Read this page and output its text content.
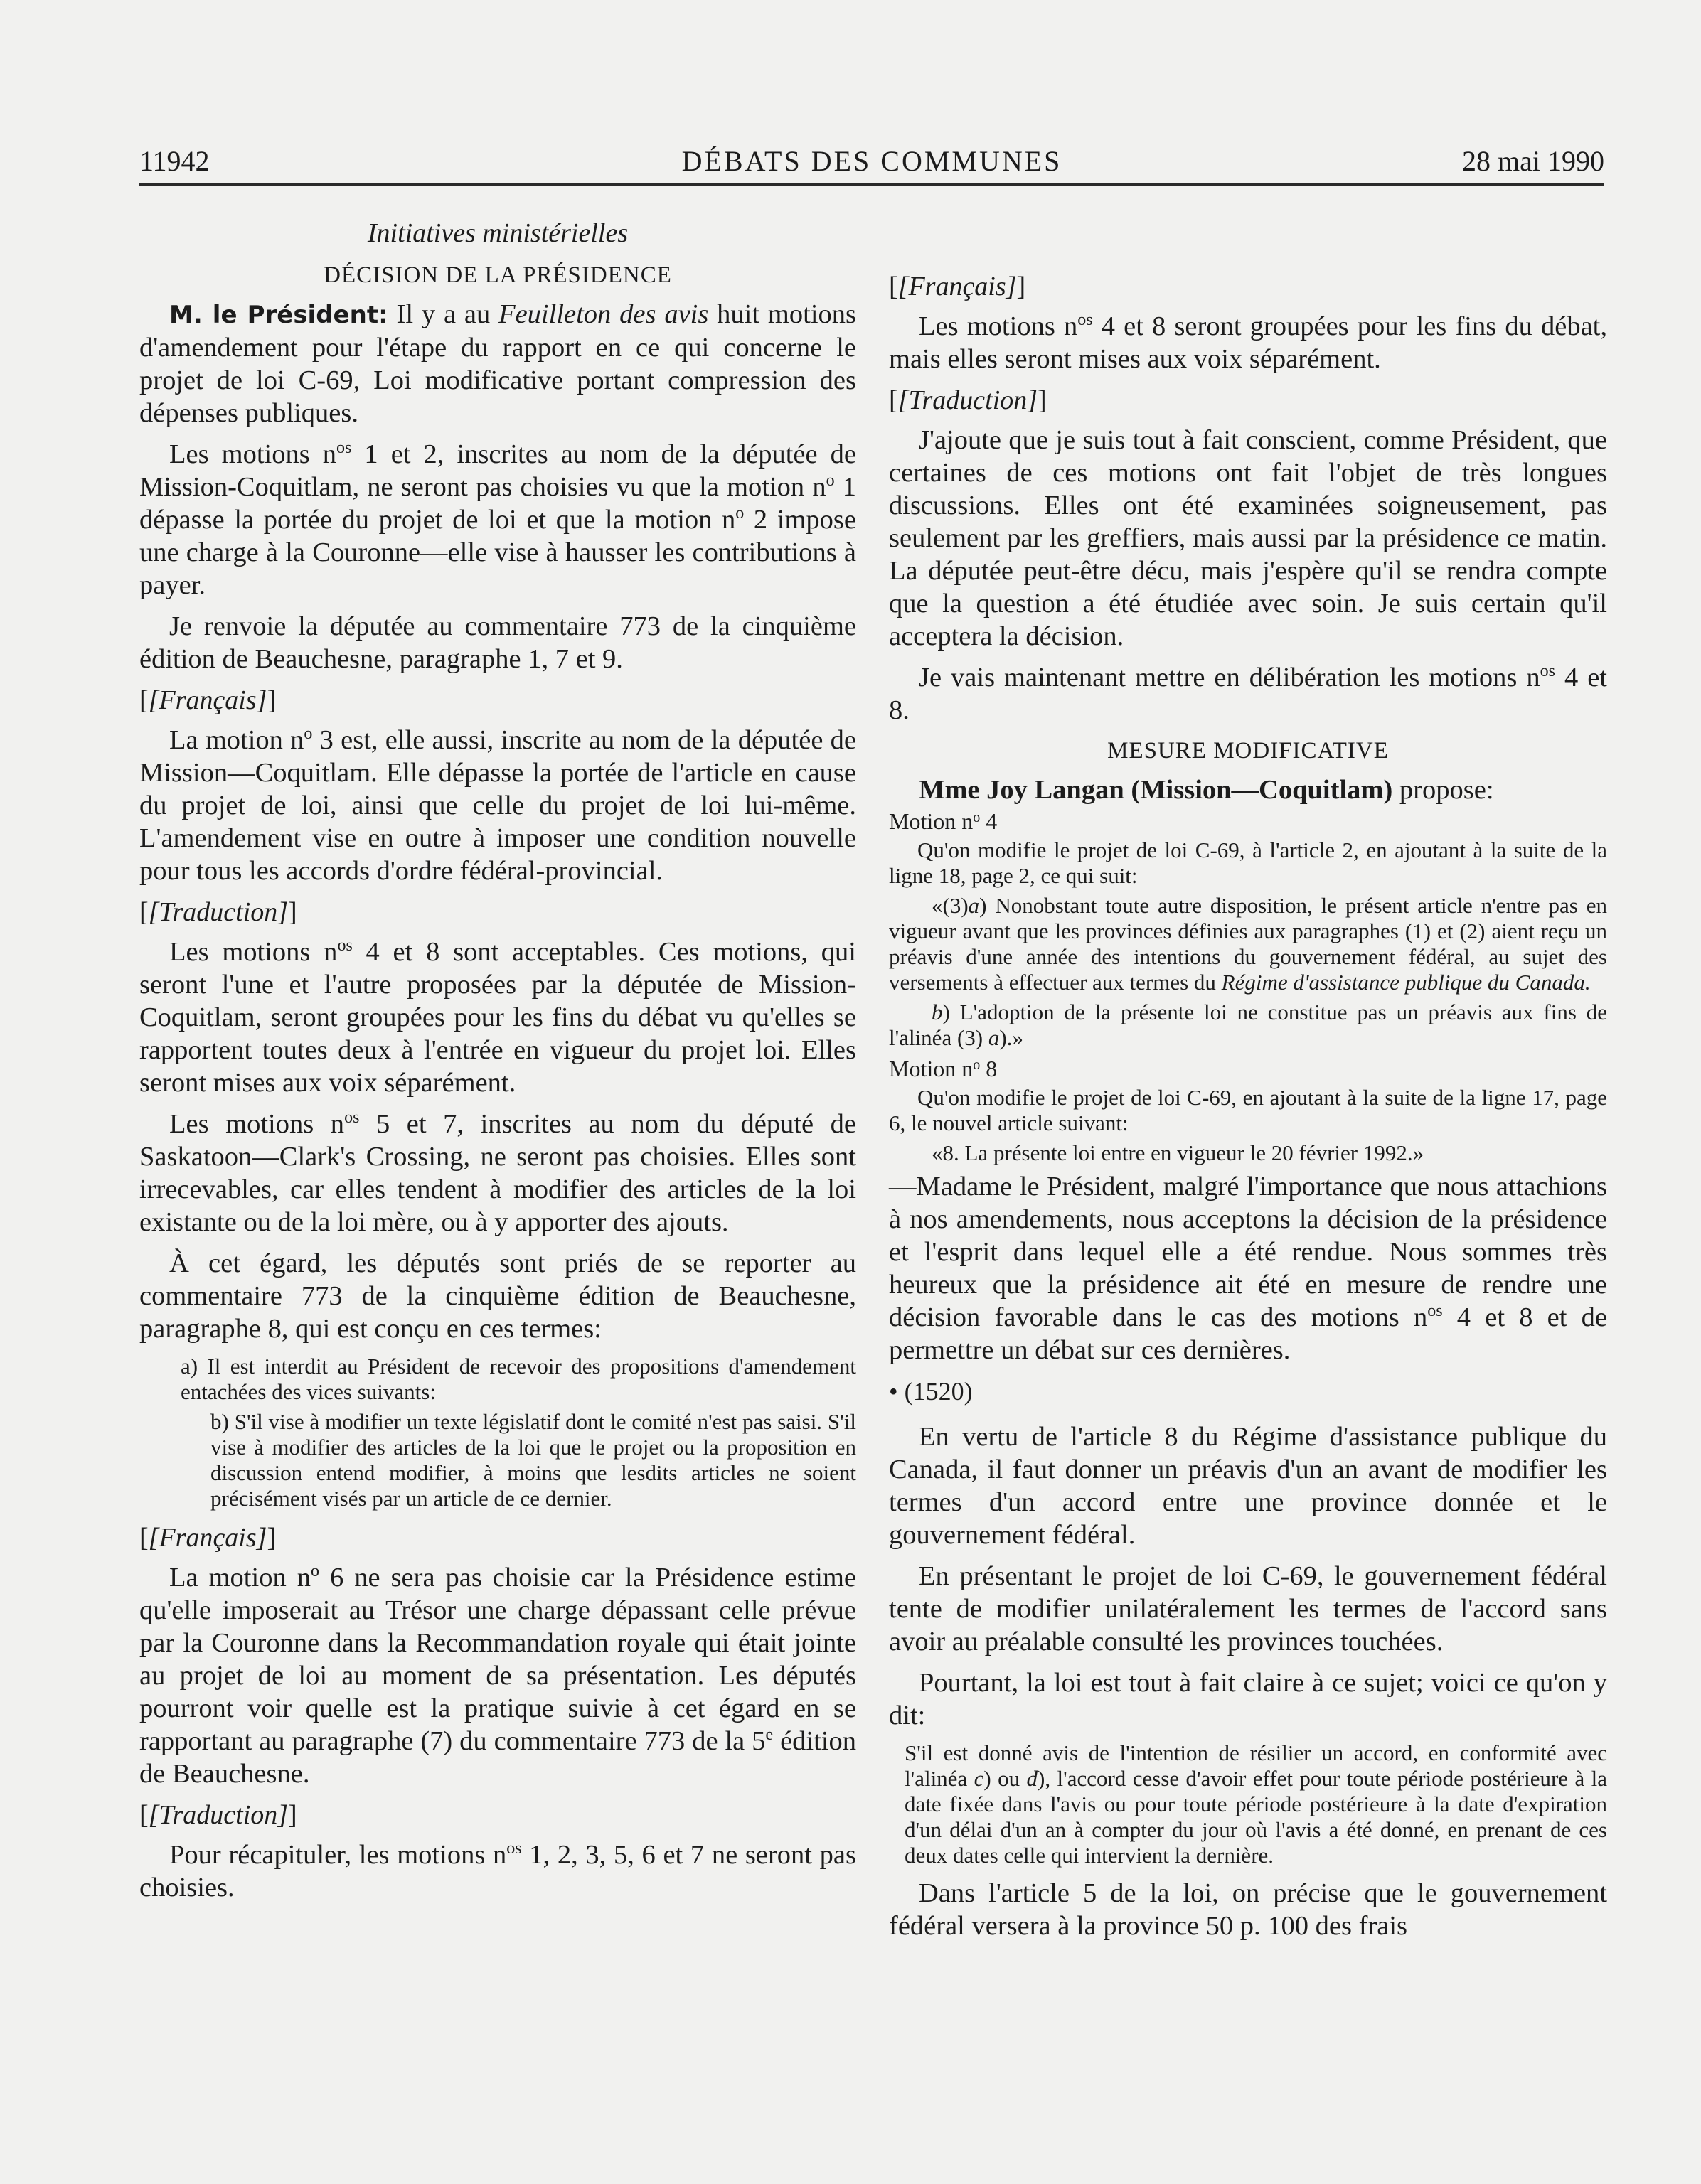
11942	DÉBATS DES COMMUNES	28 mai 1990
Initiatives ministérielles
DÉCISION DE LA PRÉSIDENCE

M. le Président: Il y a au Feuilleton des avis huit motions d'amendement pour l'étape du rapport en ce qui concerne le projet de loi C-69, Loi modificative portant compression des dépenses publiques.

Les motions $n^{os}$ 1 et 2, inscrites au nom de la députée de Mission-Coquitlam, ne seront pas choisies vu que la motion $n^o$ 1 dépasse la portée du projet de loi et que la motion $n^o$ 2 impose une charge à la Couronne—elle vise à hausser les contributions à payer.

Je renvoie la députée au commentaire 773 de la cinquième édition de Beauchesne, paragraphe 1, 7 et 9.

[[Français]]

La motion $n^o$ 3 est, elle aussi, inscrite au nom de la députée de Mission—Coquitlam. Elle dépasse la portée de l'article en cause du projet de loi, ainsi que celle du projet de loi lui-même. L'amendement vise en outre à imposer une condition nouvelle pour tous les accords d'ordre fédéral-provincial.

[[Traduction]]

Les motions $n^{os}$ 4 et 8 sont acceptables. Ces motions, qui seront l'une et l'autre proposées par la députée de Mission-Coquitlam, seront groupées pour les fins du débat vu qu'elles se rapportent toutes deux à l'entrée en vigueur du projet loi. Elles seront mises aux voix séparément.

Les motions $n^{os}$ 5 et 7, inscrites au nom du député de Saskatoon—Clark's Crossing, ne seront pas choisies. Elles sont irrecevables, car elles tendent à modifier des articles de la loi existante ou de la loi mère, ou à y apporter des ajouts.

À cet égard, les députés sont priés de se reporter au commentaire 773 de la cinquième édition de Beauchesne, paragraphe 8, qui est conçu en ces termes:

a) Il est interdit au Président de recevoir des propositions d'amendement entachées des vices suivants:

b) S'il vise à modifier un texte législatif dont le comité n'est pas saisi. S'il vise à modifier des articles de la loi que le projet ou la proposition en discussion entend modifier, à moins que lesdits articles ne soient précisément visés par un article de ce dernier.

[[Français]]

La motion $n^o$ 6 ne sera pas choisie car la Présidence estime qu'elle imposerait au Trésor une charge dépassant celle prévue par la Couronne dans la Recommandation royale qui était jointe au projet de loi au moment de sa présentation. Les députés pourront voir quelle est la pratique suivie à cet égard en se rapportant au paragraphe (7) du commentaire 773 de la 5e édition de Beauchesne.

[[Traduction]]

Pour récapituler, les motions $n^{os}$ 1, 2, 3, 5, 6 et 7 ne seront pas choisies.

[[Français]]

Les motions $n^{os}$ 4 et 8 seront groupées pour les fins du débat, mais elles seront mises aux voix séparément.

[[Traduction]]

J'ajoute que je suis tout à fait conscient, comme Président, que certaines de ces motions ont fait l'objet de très longues discussions. Elles ont été examinées soigneusement, pas seulement par les greffiers, mais aussi par la présidence ce matin. La députée peut-être décu, mais j'espère qu'il se rendra compte que la question a été étudiée avec soin. Je suis certain qu'il acceptera la décision.

Je vais maintenant mettre en délibération les motions $n^{os}$ 4 et 8.

MESURE MODIFICATIVE

Mme Joy Langan (Mission—Coquitlam) propose:

Motion $n^o$ 4

Qu'on modifie le projet de loi C-69, à l'article 2, en ajoutant à la suite de la ligne 18, page 2, ce qui suit:

«(3)a) Nonobstant toute autre disposition, le présent article n'entre pas en vigueur avant que les provinces définies aux paragraphes (1) et (2) aient reçu un préavis d'une année des intentions du gouvernement fédéral, au sujet des versements à effectuer aux termes du Régime d'assistance publique du Canada.

b) L'adoption de la présente loi ne constitue pas un préavis aux fins de l'alinéa (3) a).»

Motion $n^o$ 8

Qu'on modifie le projet de loi C-69, en ajoutant à la suite de la ligne 17, page 6, le nouvel article suivant:

«8. La présente loi entre en vigueur le 20 février 1992.»

—Madame le Président, malgré l'importance que nous attachions à nos amendements, nous acceptons la décision de la présidence et l'esprit dans lequel elle a été rendue. Nous sommes très heureux que la présidence ait été en mesure de rendre une décision favorable dans le cas des motions $n^{os}$ 4 et 8 et de permettre un débat sur ces dernières.

• (1520)

En vertu de l'article 8 du Régime d'assistance publique du Canada, il faut donner un préavis d'un an avant de modifier les termes d'un accord entre une province donnée et le gouvernement fédéral.

En présentant le projet de loi C-69, le gouvernement fédéral tente de modifier unilatéralement les termes de l'accord sans avoir au préalable consulté les provinces touchées.

Pourtant, la loi est tout à fait claire à ce sujet; voici ce qu'on y dit:

S'il est donné avis de l'intention de résilier un accord, en conformité avec l'alinéa c) ou d), l'accord cesse d'avoir effet pour toute période postérieure à la date fixée dans l'avis ou pour toute période postérieure à la date d'expiration d'un délai d'un an à compter du jour où l'avis a été donné, en prenant de ces deux dates celle qui intervient la dernière.

Dans l'article 5 de la loi, on précise que le gouvernement fédéral versera à la province 50 p. 100 des frais
